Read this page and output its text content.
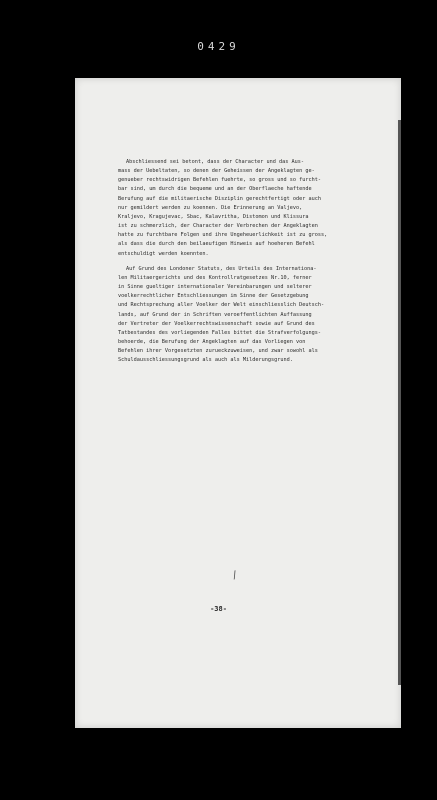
0429
Abschliessend sei betont, dass der Character und das Aus-
mass der Uebeltaten, so denen der Geheissen der Angeklagten ge-
genueber rechtswidrigen Befehlen fuehrte, so gross und so furcht-
bar sind, um durch die bequeme und an der Oberflaeche haftende
Berufung auf die militaerische Disziplin gerechtfertigt oder auch
nur gemildert werden zu koennen. Die Erinnerung an Valjevo,
Kraljevo, Kragujevac, Sbac, Kalavritha, Distomon und Klissura
ist zu schmerzlich, der Character der Verbrechen der Angeklagten
hatte zu furchtbare Folgen und ihre Ungeheuerlichkeit ist zu gross,
als dass die durch den beilaeufigen Hinweis auf hoeheren Befehl
entschuldigt werden koennten.
Auf Grund des Londoner Statuts, des Urteils des Internationa-
len Militaergerichts und des Kontrollratgesetzes Nr.10, ferner
in Sinne gueltiger internationaler Vereinbarungen und selterer
voelkerrechtlicher Entschliessungen im Sinne der Gesetzgebung
und Rechtsprechung aller Voelker der Welt einschliesslich Deutsch-
lands, auf Grund der in Schriften veroeffentlichten Auffassung
der Vertreter der Voelkerrechtswissenschaft sowie auf Grund des
Tatbestandes des vorliegenden Falles bittet die Strafverfolgungs-
behoerde, die Berufung der Angeklagten auf das Vorliegen von
Befehlen ihrer Vorgesetzten zurueckzuweisen, und zwar sowohl als
Schuldausschliessungsgrund als auch als Milderungsgrund.
/
-38-
